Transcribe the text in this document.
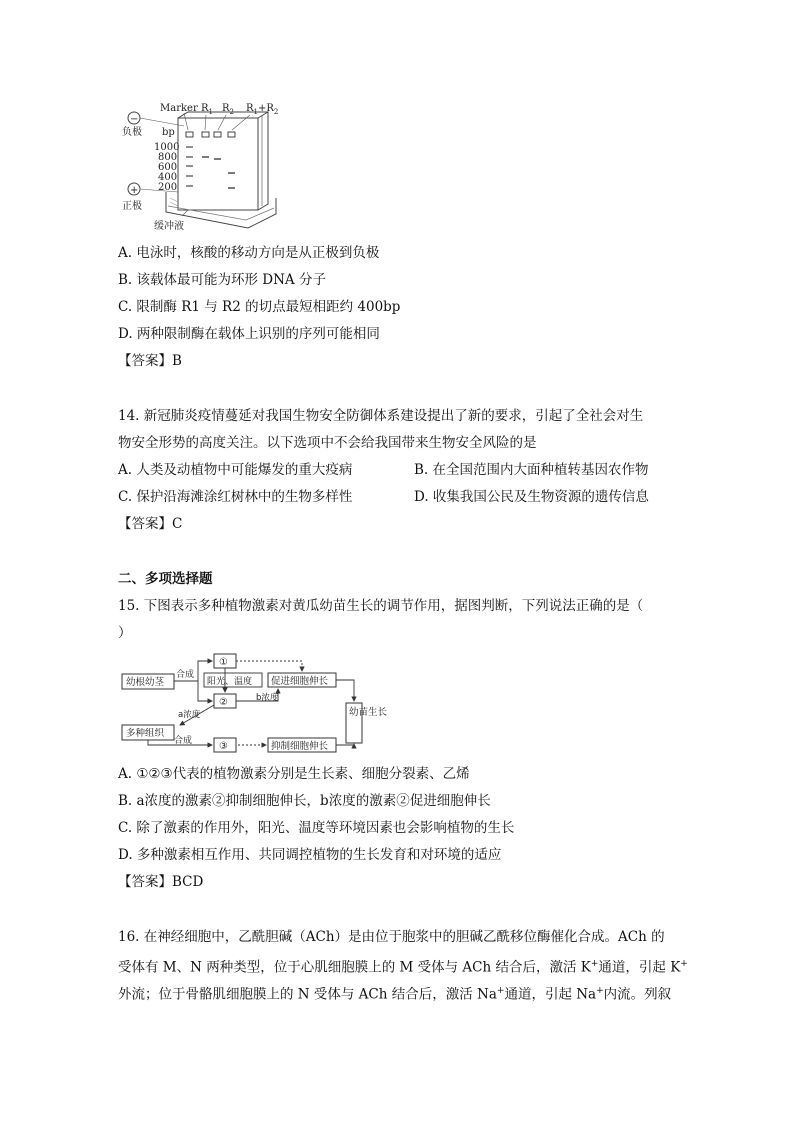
Marker $R_1$ $R_2$ $R_1+R_2$
−
负极
+
正极
bp
1000
800
600
400
200
缓冲液
A. 电泳时，核酸的移动方向是从正极到负极
B. 该载体最可能为环形 DNA 分子
C. 限制酶 R1 与 R2 的切点最短相距约 400bp
D. 两种限制酶在载体上识别的序列可能相同
【答案】B
14. 新冠肺炎疫情蔓延对我国生物安全防御体系建设提出了新的要求，引起了全社会对生
物安全形势的高度关注。以下选项中不会给我国带来生物安全风险的是
A. 人类及动植物中可能爆发的重大疫病	B. 在全国范围内大面种植转基因农作物
C. 保护沿海滩涂红树林中的生物多样性	D. 收集我国公民及生物资源的遗传信息
【答案】C
二、多项选择题
15. 下图表示多种植物激素对黄瓜幼苗生长的调节作用，据图判断，下列说法正确的是（
）
幼根幼茎
多种组织
①
②
③
阳光、温度 促进细胞伸长
抑制细胞伸长
幼苗生长
合成
b浓度
a浓度
合成
A. ①②③代表的植物激素分别是生长素、细胞分裂素、乙烯
B. a浓度的激素②抑制细胞伸长，b浓度的激素②促进细胞伸长
C. 除了激素的作用外，阳光、温度等环境因素也会影响植物的生长
D. 多种激素相互作用、共同调控植物的生长发育和对环境的适应
【答案】BCD
16. 在神经细胞中，乙酰胆碱（ACh）是由位于胞浆中的胆碱乙酰移位酶催化合成。ACh 的
受体有 M、N 两种类型，位于心肌细胞膜上的 M 受体与 ACh 结合后，激活 K+通道，引起 K+
外流；位于骨骼肌细胞膜上的 N 受体与 ACh 结合后，激活 Na+通道，引起 Na+内流。列叙
